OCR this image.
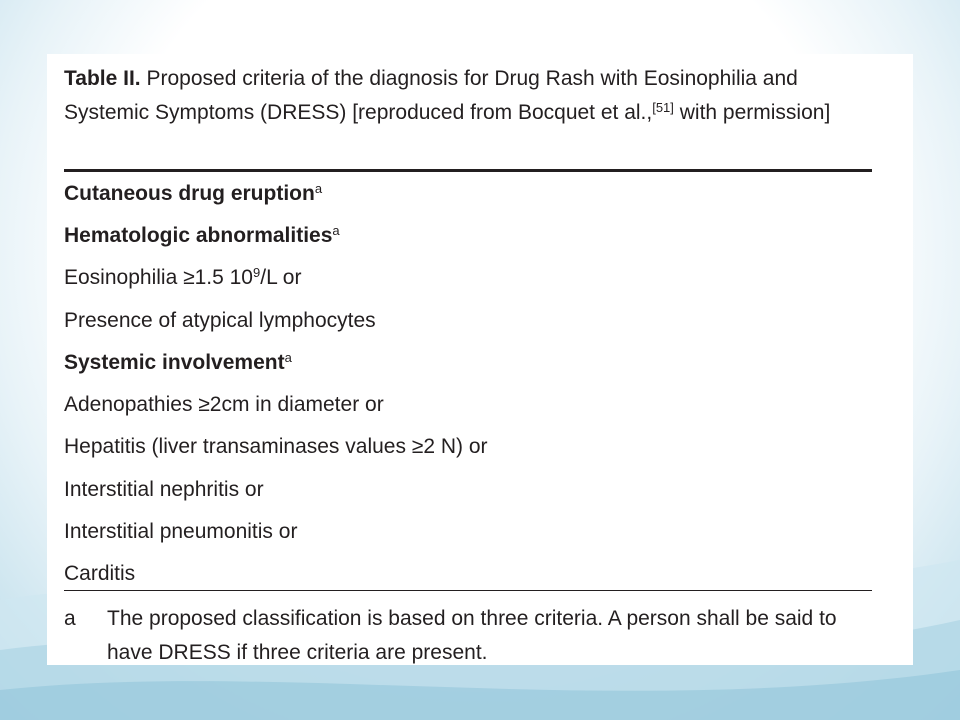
Table II. Proposed criteria of the diagnosis for Drug Rash with Eosinophilia and Systemic Symptoms (DRESS) [reproduced from Bocquet et al.,[51] with permission]
Cutaneous drug eruption$^a$
Hematologic abnormalities$^a$
Eosinophilia ≥1.5 $10^9/L$ or
Presence of atypical lymphocytes
Systemic involvement$^a$
Adenopathies ≥2cm in diameter or
Hepatitis (liver transaminases values ≥2 N) or
Interstitial nephritis or
Interstitial pneumonitis or
Carditis
a The proposed classification is based on three criteria. A person shall be said to have DRESS if three criteria are present.
